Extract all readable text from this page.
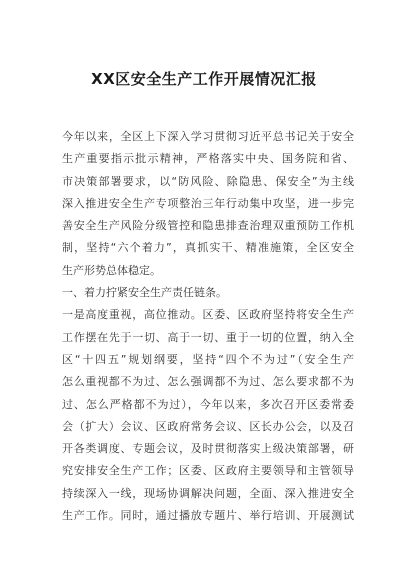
XX区安全生产工作开展情况汇报
今年以来，全区上下深入学习贯彻习近平总书记关于安全
生产重要指示批示精神，严格落实中央、国务院和省、
市决策部署要求，以“防风险、除隐患、保安全”为主线
深入推进安全生产专项整治三年行动集中攻坚，进一步完
善安全生产风险分级管控和隐患排查治理双重预防工作机
制，坚持“六个着力”，真抓实干、精准施策，全区安全
生产形势总体稳定。
一、着力拧紧安全生产责任链条。
一是高度重视，高位推动。区委、区政府坚持将安全生产
工作摆在先于一切、高于一切、重于一切的位置，纳入全
区“十四五”规划纲要，坚持“四个不为过”（安全生产
怎么重视都不为过、怎么强调都不为过、怎么要求都不为
过、怎么严格都不为过），今年以来，多次召开区委常委
会（扩大）会议、区政府常务会议、区长办公会，以及召
开各类调度、专题会议，及时贯彻落实上级决策部署，研
究安排安全生产工作；区委、区政府主要领导和主管领导
持续深入一线，现场协调解决问题，全面、深入推进安全
生产工作。同时，通过播放专题片、举行培训、开展测试
